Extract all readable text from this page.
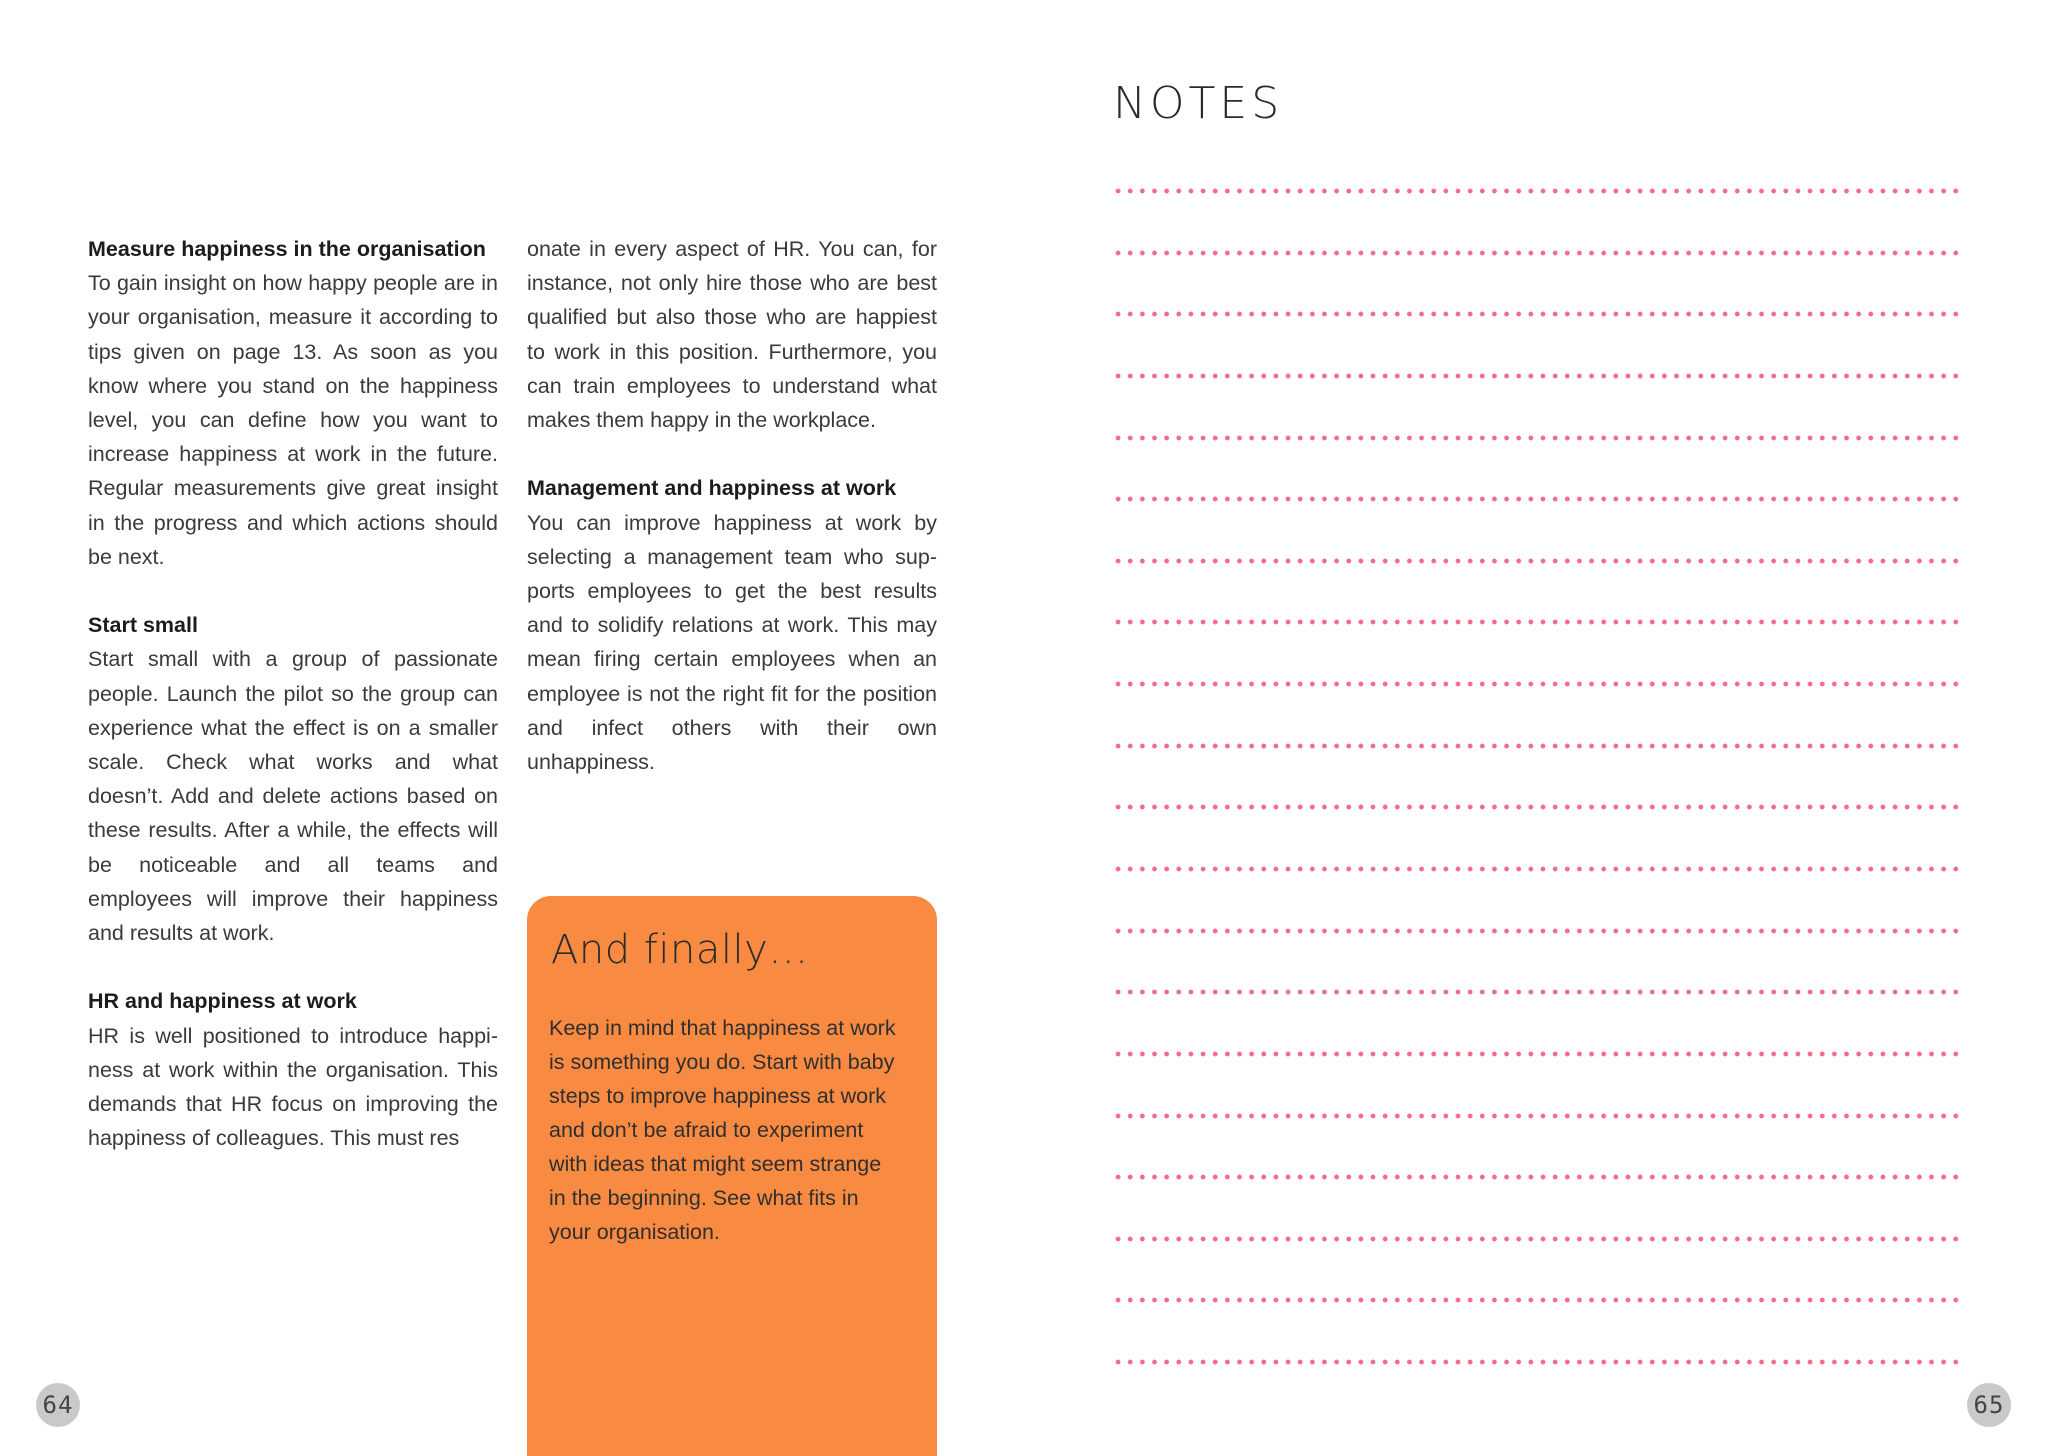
Measure happiness in the organisation
To gain insight on how happy people are in your organisation, measure it according to tips given on page 13. As soon as you know where you stand on the happiness level, you can define how you want to increase happiness at work in the future. Regular measurements give great insight in the progress and which actions should be next.
Start small
Start small with a group of passionate people. Launch the pilot so the group can experience what the effect is on a smaller scale. Check what works and what doesn’t. Add and delete actions based on these results. After a while, the effects will be noticeable and all teams and employees will improve their happiness and results at work.
HR and happiness at work
HR is well positioned to introduce happiness at work within the organisation. This demands that HR focus on improving the happiness of colleagues. This must res
onate in every aspect of HR. You can, for instance, not only hire those who are best qualified but also those who are happiest to work in this position. Furthermore, you can train employees to understand what makes them happy in the workplace.
Management and happiness at work
You can improve happiness at work by selecting a management team who supports employees to get the best results and to solidify relations at work. This may mean firing certain employees when an employee is not the right fit for the position and infect others with their own unhappiness.
And finally…
Keep in mind that happiness at work is something you do. Start with baby steps to improve happiness at work and don’t be afraid to experiment with ideas that might seem strange in the beginning. See what fits in your organisation.
64
NOTES
65
